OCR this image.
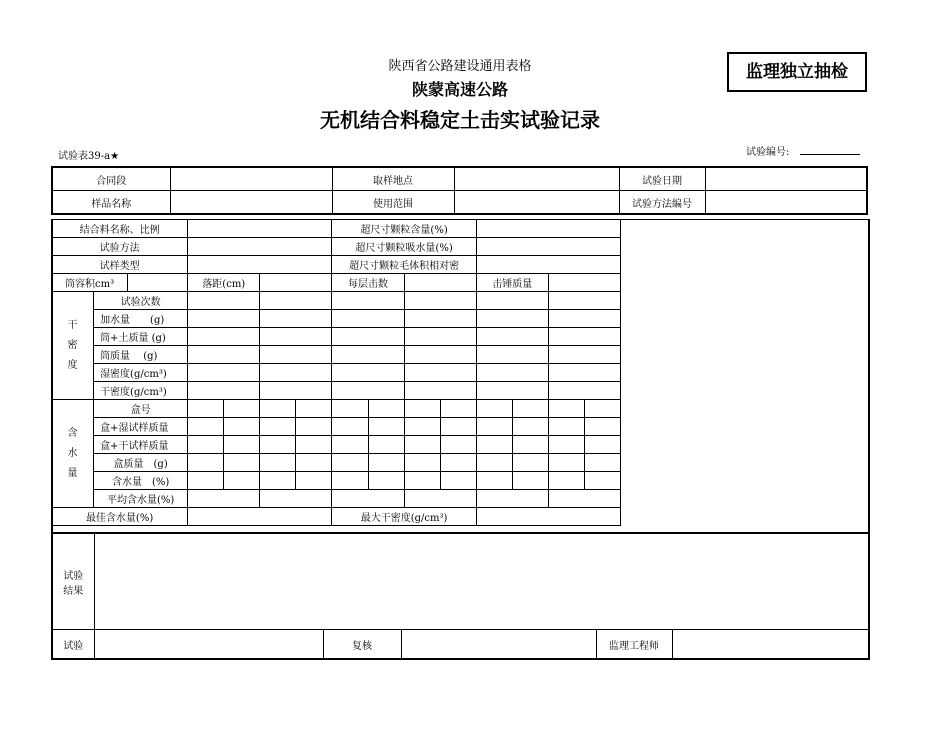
陕西省公路建设通用表格
陕蒙高速公路
无机结合料稳定土击实试验记录
监理独立抽检
试验表39-a★	试验编号:
合同段		取样地点		试验日期	
样品名称		使用范围		试验方法编号	
结合料名称、比例							超尺寸颗粒含量(%)							
试验方法							超尺寸颗粒吸水量(%)							
试样类型							超尺寸颗粒毛体积相对密							
筒容积cm³			落距(cm)				每层击数				击锤质量			
干
密
度	试验次数													
	加水量　　(g)													
	筒+土质量 (g)													
	筒质量　 (g)													
	湿密度(g/cm³)													
	干密度(g/cm³)													
含
水
量	盒号													
	盒+湿试样质量													
	盒+干试样质量													
	盒质量　(g)													
	含水量　(%)													
	平均含水量(%)													
最佳含水量(%)							最大干密度(g/cm³)							
试验
结果					
试验		复核		监理工程师	
